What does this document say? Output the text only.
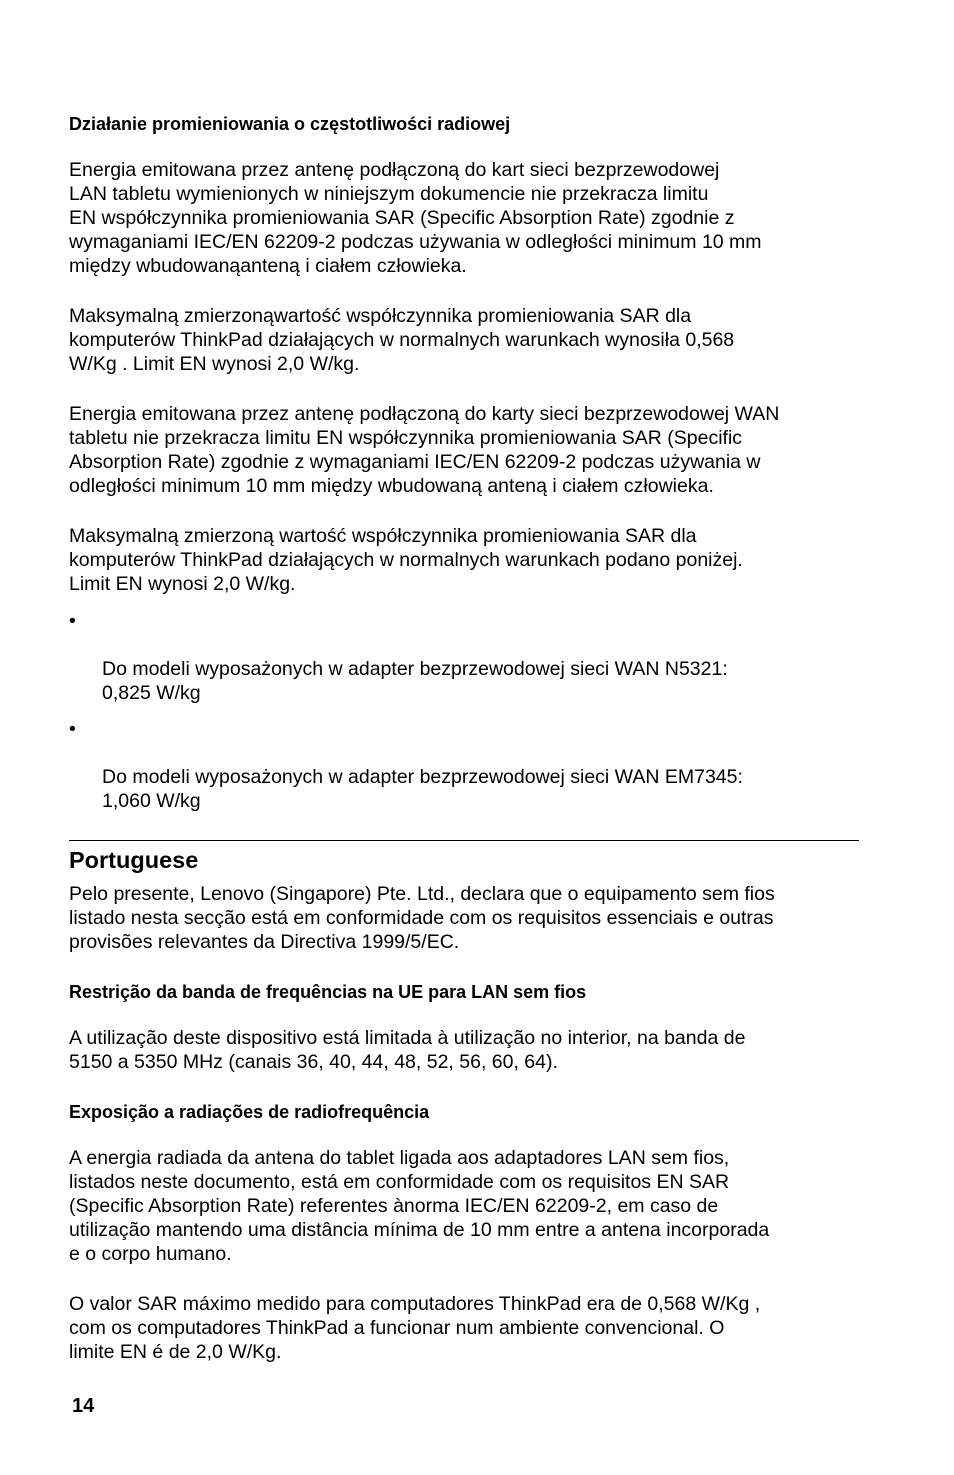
Działanie promieniowania o częstotliwości radiowej

Energia emitowana przez antenę podłączoną do kart sieci bezprzewodowej
LAN tabletu wymienionych w niniejszym dokumencie nie przekracza limitu
EN współczynnika promieniowania SAR (Specific Absorption Rate) zgodnie z
wymaganiami IEC/EN 62209-2 podczas używania w odległości minimum 10 mm
między wbudowanąanteną i ciałem człowieka.

Maksymalną zmierzonąwartość współczynnika promieniowania SAR dla
komputerów ThinkPad działających w normalnych warunkach wynosiła 0,568
W/Kg . Limit EN wynosi 2,0 W/kg.

Energia emitowana przez antenę podłączoną do karty sieci bezprzewodowej WAN
tabletu nie przekracza limitu EN współczynnika promieniowania SAR (Specific
Absorption Rate) zgodnie z wymaganiami IEC/EN 62209-2 podczas używania w
odległości minimum 10 mm między wbudowaną anteną i ciałem człowieka.

Maksymalną zmierzoną wartość współczynnika promieniowania SAR dla
komputerów ThinkPad działających w normalnych warunkach podano poniżej.
Limit EN wynosi 2,0 W/kg.

•

Do modeli wyposażonych w adapter bezprzewodowej sieci WAN N5321:
0,825 W/kg

•

Do modeli wyposażonych w adapter bezprzewodowej sieci WAN EM7345:
1,060 W/kg

Portuguese

Pelo presente, Lenovo (Singapore) Pte. Ltd., declara que o equipamento sem fios
listado nesta secção está em conformidade com os requisitos essenciais e outras
provisões relevantes da Directiva 1999/5/EC.

Restrição da banda de frequências na UE para LAN sem fios

A utilização deste dispositivo está limitada à utilização no interior, na banda de
5150 a 5350 MHz (canais 36, 40, 44, 48, 52, 56, 60, 64).

Exposição a radiações de radiofrequência

A energia radiada da antena do tablet ligada aos adaptadores LAN sem fios,
listados neste documento, está em conformidade com os requisitos EN SAR
(Specific Absorption Rate) referentes ànorma IEC/EN 62209-2, em caso de
utilização mantendo uma distância mínima de 10 mm entre a antena incorporada
e o corpo humano.

O valor SAR máximo medido para computadores ThinkPad era de 0,568 W/Kg ,
com os computadores ThinkPad a funcionar num ambiente convencional. O
limite EN é de 2,0 W/Kg.

14
